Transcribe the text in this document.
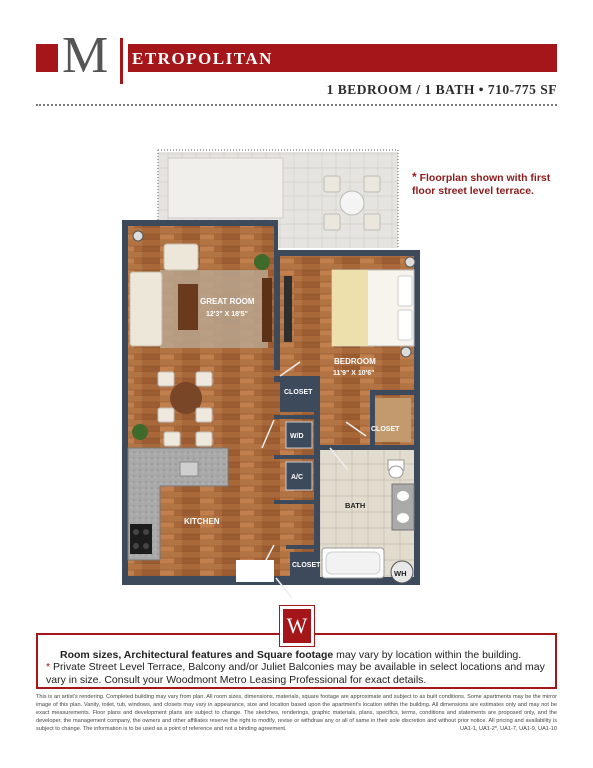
M ETROPOLITAN
1 BEDROOM / 1 BATH • 710-775 SF
GREAT ROOM
12'3" X 18'5"
BEDROOM
11'9" X 10'6"
CLOSET
CLOSET
CLOSET
W/D
A/C
BATH
KITCHEN
WH
* Floorplan shown with first floor street level terrace.
W
Room sizes, Architectural features and Square footage may vary by location within the building.
* Private Street Level Terrace, Balcony and/or Juliet Balconies may be available in select locations and may vary in size. Consult your Woodmont Metro Leasing Professional for exact details.
This is an artist's rendering. Completed building may vary from plan. All room sizes, dimensions, materials, square footage are approximate and subject to as built conditions. Some apartments may be the mirror image of this plan. Vanity, toilet, tub, windows, and closets may vary in appearance, size and location based upon the apartment's location within the building. All dimensions are estimates only and may not be exact measurements. Floor plans and development plans are subject to change. The sketches, renderings, graphic materials, plans, specifics, terms, conditions and statements are proposed only, and the developer, the management company, the owners and other affiliates reserve the right to modify, revise or withdraw any or all of same in their sole discretion and without prior notice. All pricing and availability is subject to change. The information is to be used as a point of reference and not a binding agreement.	UA1-1, UA1-2*, UA1-7, UA1-9, UA1-10
